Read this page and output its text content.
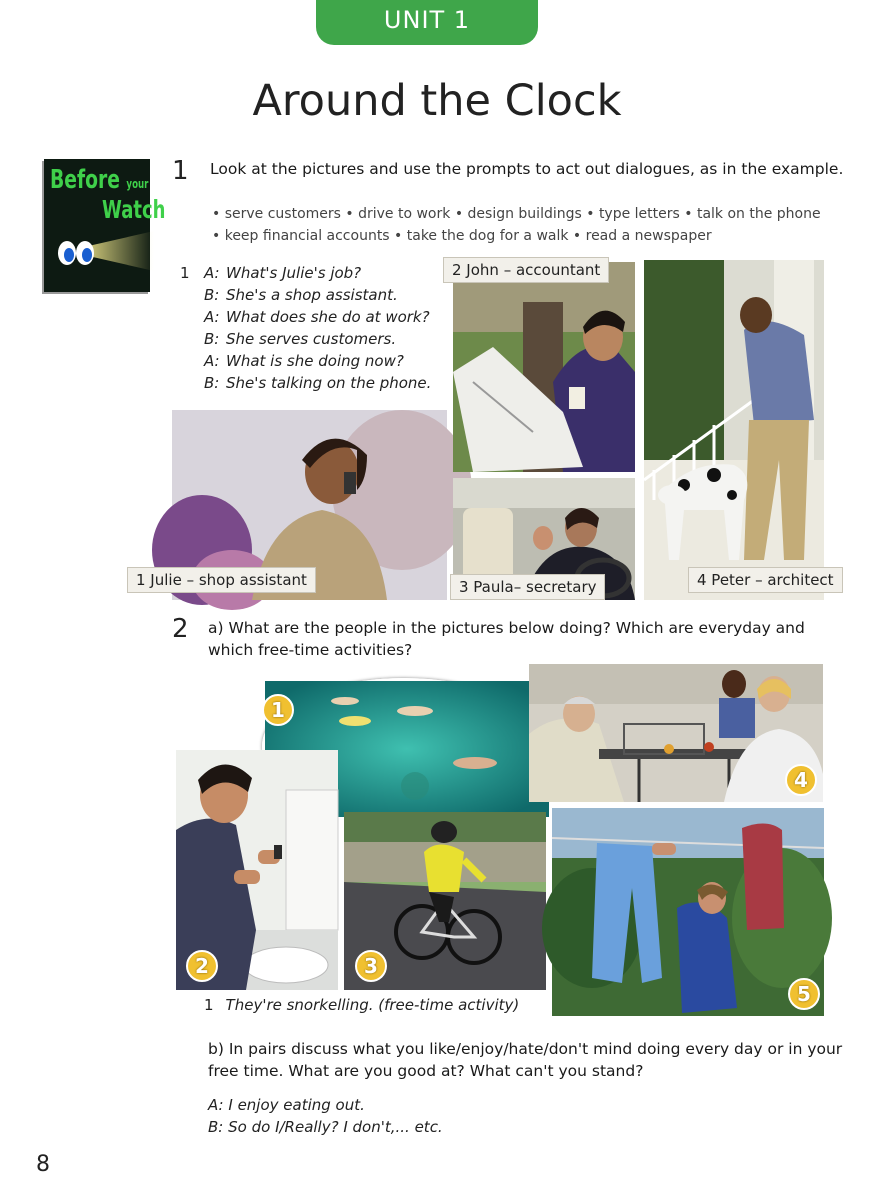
UNIT 1
Around the Clock
Before your
Watch
1 Look at the pictures and use the prompts to act out dialogues, as in the example.
• serve customers • drive to work • design buildings • type letters • talk on the phone
• keep financial accounts • take the dog for a walk • read a newspaper
1 A: What's Julie's job?
B: She's a shop assistant.
A: What does she do at work?
B: She serves customers.
A: What is she doing now?
B: She's talking on the phone.
1 Julie – shop assistant
2 John – accountant
3 Paula– secretary	4 Peter – architect
2 a) What are the people in the pictures below doing? Which are everyday and
which free-time activities?
1
4
2	3
5
1 They're snorkelling. (free-time activity)
b) In pairs discuss what you like/enjoy/hate/don't mind doing every day or in your
free time. What are you good at? What can't you stand?
A: I enjoy eating out.
B: So do I/Really? I don't,... etc.
8
